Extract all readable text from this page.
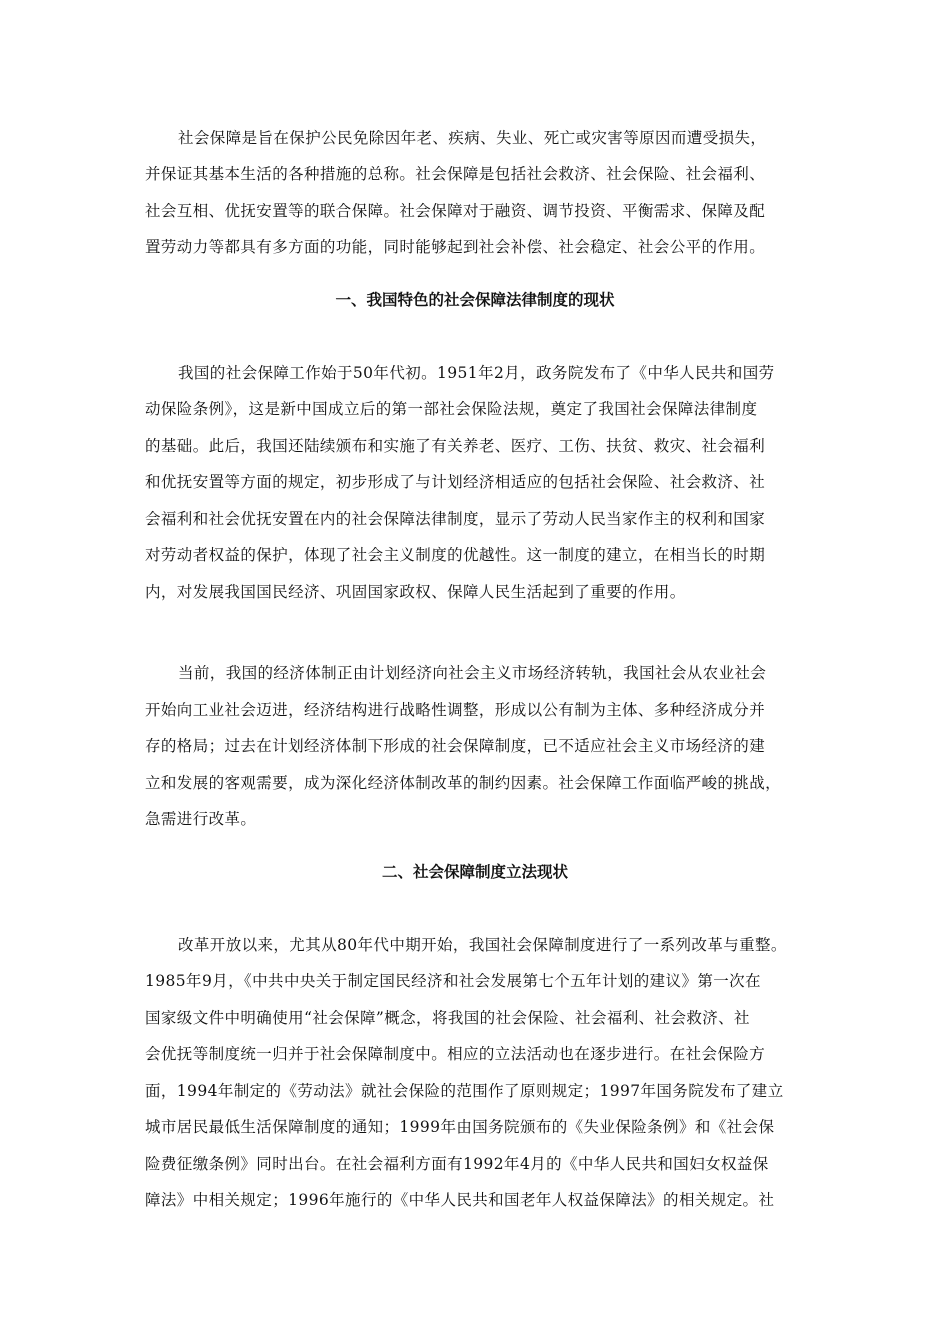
社会保障是旨在保护公民免除因年老、疾病、失业、死亡或灾害等原因而遭受损失，
并保证其基本生活的各种措施的总称。社会保障是包括社会救济、社会保险、社会福利、
社会互相、优抚安置等的联合保障。社会保障对于融资、调节投资、平衡需求、保障及配
置劳动力等都具有多方面的功能，同时能够起到社会补偿、社会稳定、社会公平的作用。
一、我国特色的社会保障法律制度的现状
我国的社会保障工作始于50年代初。1951年2月，政务院发布了《中华人民共和国劳
动保险条例》，这是新中国成立后的第一部社会保险法规，奠定了我国社会保障法律制度
的基础。此后，我国还陆续颁布和实施了有关养老、医疗、工伤、扶贫、救灾、社会福利
和优抚安置等方面的规定，初步形成了与计划经济相适应的包括社会保险、社会救济、社
会福利和社会优抚安置在内的社会保障法律制度，显示了劳动人民当家作主的权利和国家
对劳动者权益的保护，体现了社会主义制度的优越性。这一制度的建立，在相当长的时期
内，对发展我国国民经济、巩固国家政权、保障人民生活起到了重要的作用。
当前，我国的经济体制正由计划经济向社会主义市场经济转轨，我国社会从农业社会
开始向工业社会迈进，经济结构进行战略性调整，形成以公有制为主体、多种经济成分并
存的格局；过去在计划经济体制下形成的社会保障制度，已不适应社会主义市场经济的建
立和发展的客观需要，成为深化经济体制改革的制约因素。社会保障工作面临严峻的挑战，
急需进行改革。
二、社会保障制度立法现状
改革开放以来，尤其从80年代中期开始，我国社会保障制度进行了一系列改革与重整。
1985年9月，《中共中央关于制定国民经济和社会发展第七个五年计划的建议》第一次在
国家级文件中明确使用“社会保障”概念，将我国的社会保险、社会福利、社会救济、社
会优抚等制度统一归并于社会保障制度中。相应的立法活动也在逐步进行。在社会保险方
面，1994年制定的《劳动法》就社会保险的范围作了原则规定；1997年国务院发布了建立
城市居民最低生活保障制度的通知；1999年由国务院颁布的《失业保险条例》和《社会保
险费征缴条例》同时出台。在社会福利方面有1992年4月的《中华人民共和国妇女权益保
障法》中相关规定；1996年施行的《中华人民共和国老年人权益保障法》的相关规定。社
